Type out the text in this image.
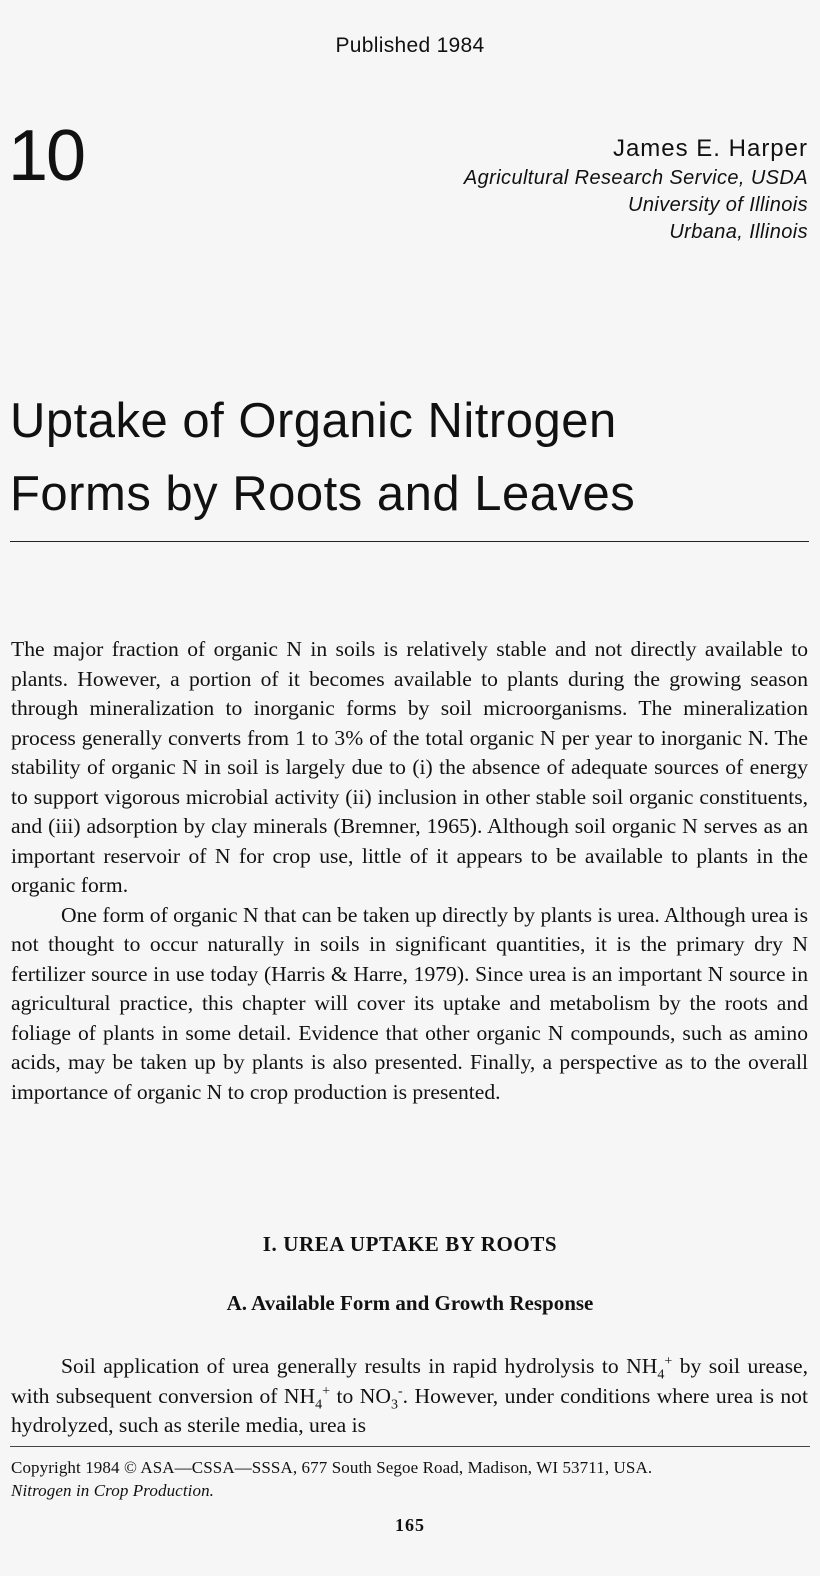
Published 1984
10	James E. Harper
Agricultural Research Service, USDA
University of Illinois
Urbana, Illinois
Uptake of Organic Nitrogen
Forms by Roots and Leaves

The major fraction of organic N in soils is relatively stable and not directly available to plants. However, a portion of it becomes available to plants during the growing season through mineralization to inorganic forms by soil microorganisms. The mineralization process generally converts from 1 to 3% of the total organic N per year to inorganic N. The stability of organic N in soil is largely due to (i) the absence of adequate sources of energy to support vigorous microbial activity (ii) inclusion in other stable soil organic constituents, and (iii) adsorption by clay minerals (Bremner, 1965). Although soil organic N serves as an important reservoir of N for crop use, little of it appears to be available to plants in the organic form.

One form of organic N that can be taken up directly by plants is urea. Although urea is not thought to occur naturally in soils in significant quantities, it is the primary dry N fertilizer source in use today (Harris & Harre, 1979). Since urea is an important N source in agricultural practice, this chapter will cover its uptake and metabolism by the roots and foliage of plants in some detail. Evidence that other organic N compounds, such as amino acids, may be taken up by plants is also presented. Finally, a perspective as to the overall importance of organic N to crop production is presented.

I. UREA UPTAKE BY ROOTS
A. Available Form and Growth Response

Soil application of urea generally results in rapid hydrolysis to $NH_4^+$ by soil urease, with subsequent conversion of $NH_4^+$ to $NO_3^-$. However, under conditions where urea is not hydrolyzed, such as sterile media, urea is

Copyright 1984 © ASA—CSSA—SSSA, 677 South Segoe Road, Madison, WI 53711, USA.
Nitrogen in Crop Production.
165
